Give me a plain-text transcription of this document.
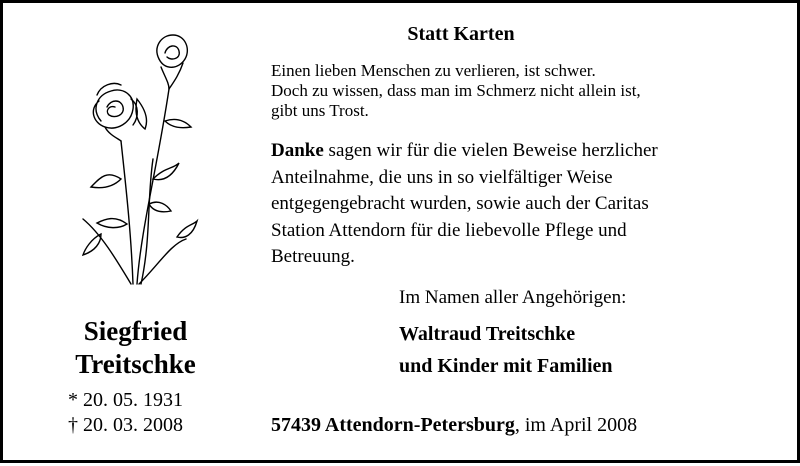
Siegfried
Treitschke
* 20. 05. 1931
† 20. 03. 2008
Statt Karten
Einen lieben Menschen zu verlieren, ist schwer.
Doch zu wissen, dass man im Schmerz nicht allein ist,
gibt uns Trost.
Danke sagen wir für die vielen Beweise herzlicher
Anteilnahme, die uns in so vielfältiger Weise
entgegengebracht wurden, sowie auch der Caritas
Station Attendorn für die liebevolle Pflege und
Betreuung.
Im Namen aller Angehörigen:
Waltraud Treitschke
und Kinder mit Familien
57439 Attendorn-Petersburg, im April 2008
